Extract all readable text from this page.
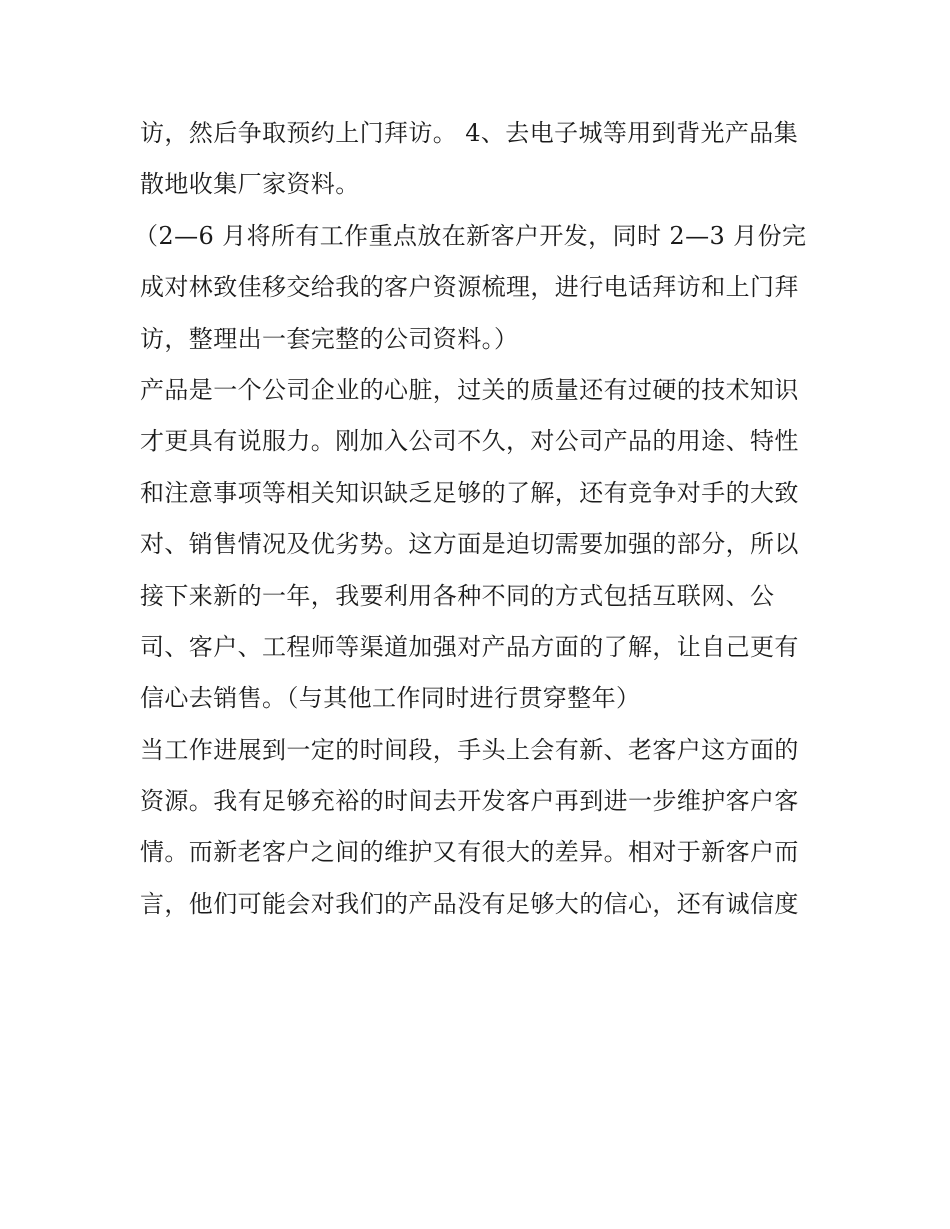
访，然后争取预约上门拜访。 4、去电子城等用到背光产品集
散地收集厂家资料。
（2—6 月将所有工作重点放在新客户开发，同时 2—3 月份完
成对林致佳移交给我的客户资源梳理，进行电话拜访和上门拜
访，整理出一套完整的公司资料。）
产品是一个公司企业的心脏，过关的质量还有过硬的技术知识
才更具有说服力。刚加入公司不久，对公司产品的用途、特性
和注意事项等相关知识缺乏足够的了解，还有竞争对手的大致
对、销售情况及优劣势。这方面是迫切需要加强的部分，所以
接下来新的一年，我要利用各种不同的方式包括互联网、公
司、客户、工程师等渠道加强对产品方面的了解，让自己更有
信心去销售。（与其他工作同时进行贯穿整年）
当工作进展到一定的时间段，手头上会有新、老客户这方面的
资源。我有足够充裕的时间去开发客户再到进一步维护客户客
情。而新老客户之间的维护又有很大的差异。相对于新客户而
言，他们可能会对我们的产品没有足够大的信心，还有诚信度
